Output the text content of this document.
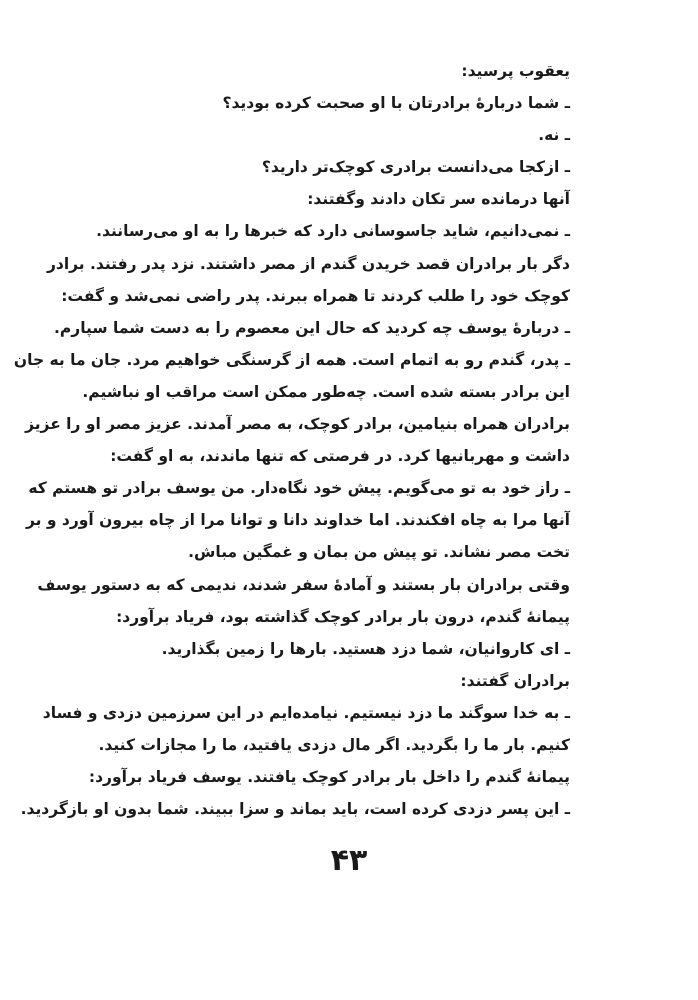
یعقوب پرسید:
ـ شما دربارهٔ برادرتان با او صحبت کرده بودید؟
ـ نه.
ـ ازکجا می‌دانست برادری کوچک‌تر دارید؟
آنها درمانده سر تکان دادند وگفتند:
ـ نمی‌دانیم، شاید جاسوسانی دارد که خبرها را به او می‌رسانند.
دگر بار برادران قصد خریدن گندم از مصر داشتند. نزد پدر رفتند. برادر
کوچک خود را طلب کردند تا همراه ببرند. پدر راضی نمی‌شد و گفت:
ـ دربارهٔ یوسف چه کردید که حال این معصوم را به دست شما سپارم.
ـ پدر، گندم رو به اتمام است. همه از گرسنگی خواهیم مرد. جان ما به جان
این برادر بسته شده است. چه‌طور ممکن است مراقب او نباشیم.
برادران همراه بنیامین، برادر کوچک، به مصر آمدند. عزیز مصر او را عزیز
داشت و مهربانیها کرد. در فرصتی که تنها ماندند، به او گفت:
ـ راز خود به تو می‌گویم. پیش خود نگاه‌دار. من یوسف برادر تو هستم که
آنها مرا به چاه افکندند. اما خداوند دانا و توانا مرا از چاه بیرون آورد و بر
تخت مصر نشاند. تو پیش من بمان و غمگین مباش.
وقتی برادران بار بستند و آمادهٔ سفر شدند، ندیمی که به دستور یوسف
پیمانهٔ گندم، درون بار برادر کوچک گذاشته بود، فریاد برآورد:
ـ ای کاروانیان، شما دزد هستید. بارها را زمین بگذارید.
برادران گفتند:
ـ به خدا سوگند ما دزد نیستیم. نیامده‌ایم در این سرزمین دزدی و فساد
کنیم. بار ما را بگردید. اگر مال دزدی یافتید، ما را مجازات کنید.
پیمانهٔ گندم را داخل بار برادر کوچک یافتند. یوسف فریاد برآورد:
ـ این پسر دزدی کرده است، باید بماند و سزا ببیند. شما بدون او بازگردید.
۴۳
